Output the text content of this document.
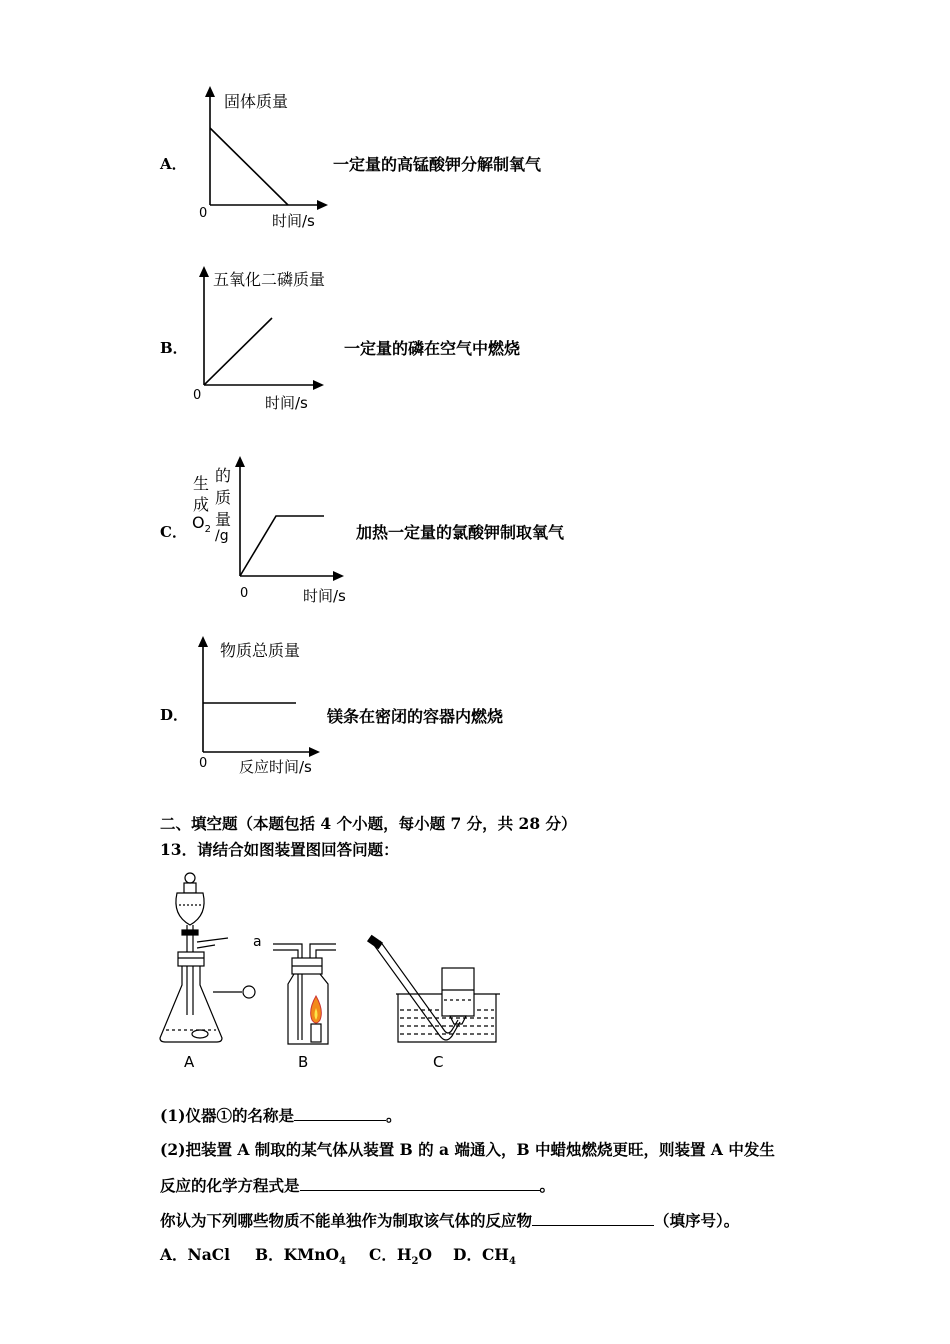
A．
固体质量
0	时间/s
一定量的高锰酸钾分解制氧气
B．
五氧化二磷质量
0	时间/s
一定量的磷在空气中燃烧
C．
生
成
$O_2$
的
质
量
/g
0	时间/s
加热一定量的氯酸钾制取氧气
D．
物质总质量
0 反应时间/s
镁条在密闭的容器内燃烧
二、填空题（本题包括 4 个小题，每小题 7 分，共 28 分）
13．请结合如图装置图回答问题：
a
A	B	C
(1)仪器①的名称是	。
(2)把装置 A 制取的某气体从装置 B 的 a 端通入，B 中蜡烛燃烧更旺，则装置 A 中发生
反应的化学方程式是	。
你认为下列哪些物质不能单独作为制取该气体的反应物	（填序号）。
A．NaCl B．KMnO$_4$ C．$H_2O$ D．$CH_4$
